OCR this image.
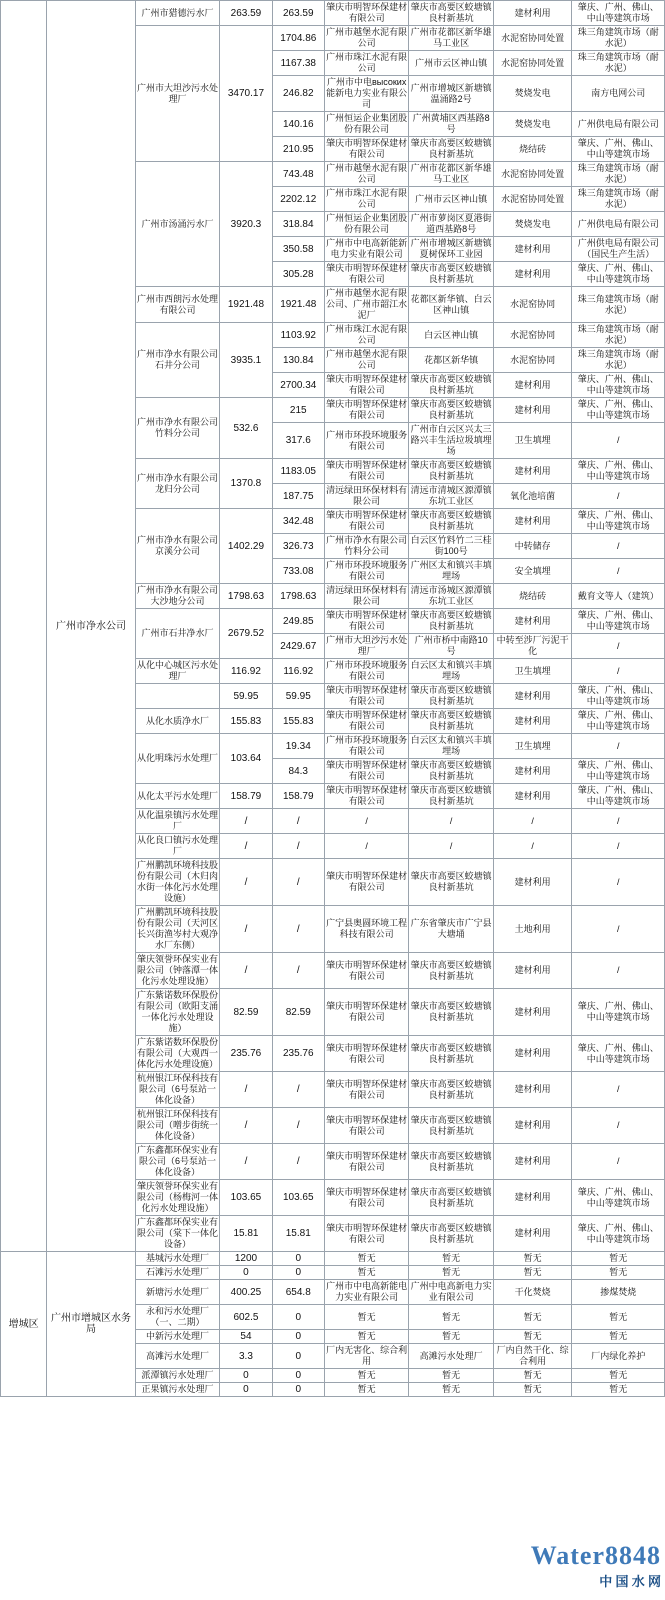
	广州市净水公司	广州市猎德污水厂	263.59	263.59	肇庆市明智环保建材有限公司	肇庆市高要区蛟塘镇良村新基坑	建材利用	肇庆、广州、佛山、中山等建筑市场
		广州市大坦沙污水处理厂	3470.17	1704.86	广州市越堡水泥有限公司	广州市花都区新华雄马工业区	水泥窑协同处置	珠三角建筑市场（耐水泥）
				1167.38	广州市珠江水泥有限公司	广州市云区神山镇	水泥窑协同处置	珠三角建筑市场（耐水泥）
				246.82	广州市中电высоких能新电力实业有限公司	广州市增城区新塘镇温涌路2号	焚烧发电	南方电网公司
				140.16	广州恒运企业集团股份有限公司	广州黄埔区西基路8号	焚烧发电	广州供电局有限公司
				210.95	肇庆市明智环保建材有限公司	肇庆市高要区蛟塘镇良村新基坑	烧结砖	肇庆、广州、佛山、中山等建筑市场
		广州市汤涌污水厂	3920.3	743.48	广州市越堡水泥有限公司	广州市花都区新华雄马工业区	水泥窑协同处置	珠三角建筑市场（耐水泥）
				2202.12	广州市珠江水泥有限公司	广州市云区神山镇	水泥窑协同处置	珠三角建筑市场（耐水泥）
				318.84	广州恒运企业集团股份有限公司	广州市萝岗区夏港街道西基路8号	焚烧发电	广州供电局有限公司
				350.58	广州市中电高新能新电力实业有限公司	广州市增城区新塘镇夏树保环工业园	建材利用	广州供电局有限公司（国民生产生活）
				305.28	肇庆市明智环保建材有限公司	肇庆市高要区蛟塘镇良村新基坑	建材利用	肇庆、广州、佛山、中山等建筑市场
		广州市西朗污水处理有限公司	1921.48	1921.48	广州市越堡水泥有限公司、广州市韶江水泥厂	花都区新华镇、白云区神山镇	水泥窑协同	珠三角建筑市场（耐水泥）
		广州市净水有限公司石井分公司	3935.1	1103.92	广州市珠江水泥有限公司	白云区神山镇	水泥窑协同	珠三角建筑市场（耐水泥）
				130.84	广州市越堡水泥有限公司	花都区新华镇	水泥窑协同	珠三角建筑市场（耐水泥）
				2700.34	肇庆市明智环保建材有限公司	肇庆市高要区蛟塘镇良村新基坑	建材利用	肇庆、广州、佛山、中山等建筑市场
		广州市净水有限公司竹料分公司	532.6	215	肇庆市明智环保建材有限公司	肇庆市高要区蛟塘镇良村新基坑	建材利用	肇庆、广州、佛山、中山等建筑市场
				317.6	广州市环投环境服务有限公司	广州市白云区兴太三路兴丰生活垃圾填埋场	卫生填埋	/
		广州市净水有限公司龙归分公司	1370.8	1183.05	肇庆市明智环保建材有限公司	肇庆市高要区蛟塘镇良村新基坑	建材利用	肇庆、广州、佛山、中山等建筑市场
				187.75	清远绿田环保材料有限公司	清远市清城区源潭镇东坑工业区	氧化池培菌	/
		广州市净水有限公司京溪分公司	1402.29	342.48	肇庆市明智环保建材有限公司	肇庆市高要区蛟塘镇良村新基坑	建材利用	肇庆、广州、佛山、中山等建筑市场
				326.73	广州市净水有限公司竹料分公司	白云区竹料竹二三桂街100号	中转储存	/
				733.08	广州市环投环境服务有限公司	广州区太和镇兴丰填埋场	安全填埋	/
		广州市净水有限公司大沙地分公司	1798.63	1798.63	清远绿田环保材料有限公司	清远市汤城区源潭镇东坑工业区	烧结砖	戴育文等人（建筑）
		广州市石井净水厂	2679.52	249.85	肇庆市明智环保建材有限公司	肇庆市高要区蛟塘镇良村新基坑	建材利用	肇庆、广州、佛山、中山等建筑市场
				2429.67	广州市大坦沙污水处理厂	广州市桥中南路10号	中转至涉厂污泥干化	/
		从化中心城区污水处理厂	116.92	116.92	广州市环投环境服务有限公司	白云区太和镇兴丰填埋场	卫生填埋	/
			59.95	59.95	肇庆市明智环保建材有限公司	肇庆市高要区蛟塘镇良村新基坑	建材利用	肇庆、广州、佛山、中山等建筑市场
		从化水质净水厂	155.83	155.83	肇庆市明智环保建材有限公司	肇庆市高要区蛟塘镇良村新基坑	建材利用	肇庆、广州、佛山、中山等建筑市场
		从化明珠污水处理厂	103.64	19.34	广州市环投环境服务有限公司	白云区太和镇兴丰填埋场	卫生填埋	/
				84.3	肇庆市明智环保建材有限公司	肇庆市高要区蛟塘镇良村新基坑	建材利用	肇庆、广州、佛山、中山等建筑市场
		从化太平污水处理厂	158.79	158.79	肇庆市明智环保建材有限公司	肇庆市高要区蛟塘镇良村新基坑	建材利用	肇庆、广州、佛山、中山等建筑市场
		从化温泉镇污水处理厂	/	/	/	/	/	/
		从化良口镇污水处理厂	/	/	/	/	/	/
		广州鹏凯环境科技股份有限公司（木归肉水街一体化污水处理设施）	/	/	肇庆市明智环保建材有限公司	肇庆市高要区蛟塘镇良村新基坑	建材利用	/
		广州鹏凯环境科技股份有限公司（天河区长兴街渔岑村大观净水厂东侧）	/	/	广宁县奥圆环境工程科技有限公司	广东省肇庆市广宁县大塘埇	土地利用	/
		肇庆领誉环保实业有限公司（钟落潭一体化污水处理设施）	/	/	肇庆市明智环保建材有限公司	肇庆市高要区蛟塘镇良村新基坑	建材利用	/
		广东紫诺数环保股份有限公司（欧阳支涌一体化污水处理设施）	82.59	82.59	肇庆市明智环保建材有限公司	肇庆市高要区蛟塘镇良村新基坑	建材利用	肇庆、广州、佛山、中山等建筑市场
		广东紫诺数环保股份有限公司（大观西一体化污水处理设施）	235.76	235.76	肇庆市明智环保建材有限公司	肇庆市高要区蛟塘镇良村新基坑	建材利用	肇庆、广州、佛山、中山等建筑市场
		杭州银江环保科技有限公司（6号泵站一体化设备）	/	/	肇庆市明智环保建材有限公司	肇庆市高要区蛟塘镇良村新基坑	建材利用	/
		杭州银江环保科技有限公司（噌步街统一体化设备）	/	/	肇庆市明智环保建材有限公司	肇庆市高要区蛟塘镇良村新基坑	建材利用	/
		广东鑫都环保实业有限公司（6号泵站一体化设备）	/	/	肇庆市明智环保建材有限公司	肇庆市高要区蛟塘镇良村新基坑	建材利用	/
		肇庆领誉环保实业有限公司（杨梅河一体化污水处理设施）	103.65	103.65	肇庆市明智环保建材有限公司	肇庆市高要区蛟塘镇良村新基坑	建材利用	肇庆、广州、佛山、中山等建筑市场
		广东鑫都环保实业有限公司（棠下一体化设备）	15.81	15.81	肇庆市明智环保建材有限公司	肇庆市高要区蛟塘镇良村新基坑	建材利用	肇庆、广州、佛山、中山等建筑市场
增城区	广州市增城区水务局	基城污水处理厂	1200	0	暂无	暂无	暂无	暂无
		石滩污水处理厂	0	0	暂无	暂无	暂无	暂无
		新塘污水处理厂	400.25	654.8	广州市中电高新能电力实业有限公司	广州中电高新电力实业有限公司	干化焚烧	掺煤焚烧
		永和污水处理厂（一、二期）	602.5	0	暂无	暂无	暂无	暂无
		中新污水处理厂	54	0	暂无	暂无	暂无	暂无
		高滩污水处理厂	3.3	0	厂内无害化、综合利用	高滩污水处理厂	厂内自然干化、综合利用	厂内绿化养护
		派潭镇污水处理厂	0	0	暂无	暂无	暂无	暂无
		正果镇污水处理厂	0	0	暂无	暂无	暂无	暂无
Water8848
中 国 水 网
